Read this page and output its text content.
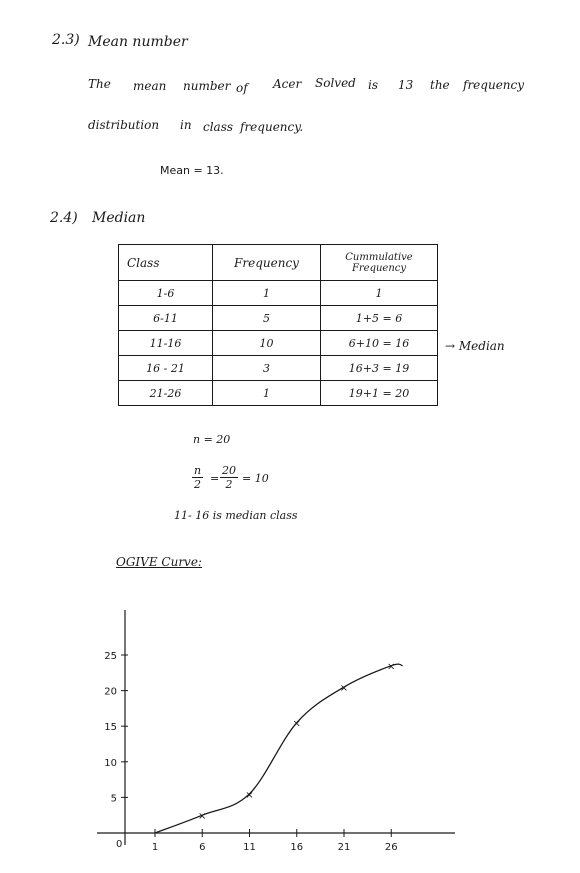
2.3) Mean number
The mean number of Acer Solved is 13 the frequency
distribution in class frequency.
Mean = 13.
2.4) Median
Class	Frequency	Cummulative Frequency
1-6	1	1
6-11	5	1+5 = 6
11-16	10	6+10 = 16
16 - 21	3	16+3 = 19
21-26	1	19+1 = 20
→ Median
n = 20
$\frac{n}{2} = \frac{20}{2} = 10$
11- 16 is median class
OGIVE Curve:
0	1	6	11	16	21	26
5
10
15
20
25
×
×
×
×
×
